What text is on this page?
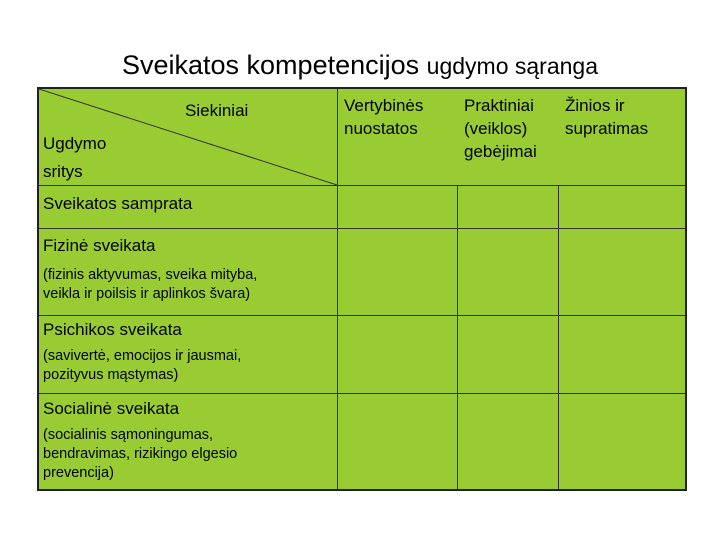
Sveikatos kompetencijos ugdymo sąranga
Siekiniai
Ugdymo
sritys
Vertybinės
nuostatos
Praktiniai
(veiklos)
gebėjimai
Žinios ir
supratimas
Sveikatos samprata
Fizinė sveikata
(fizinis aktyvumas, sveika mityba,
veikla ir poilsis ir aplinkos švara)
Psichikos sveikata
(savivertė, emocijos ir jausmai,
pozityvus mąstymas)
Socialinė sveikata
(socialinis sąmoningumas,
bendravimas, rizikingo elgesio
prevencija)
